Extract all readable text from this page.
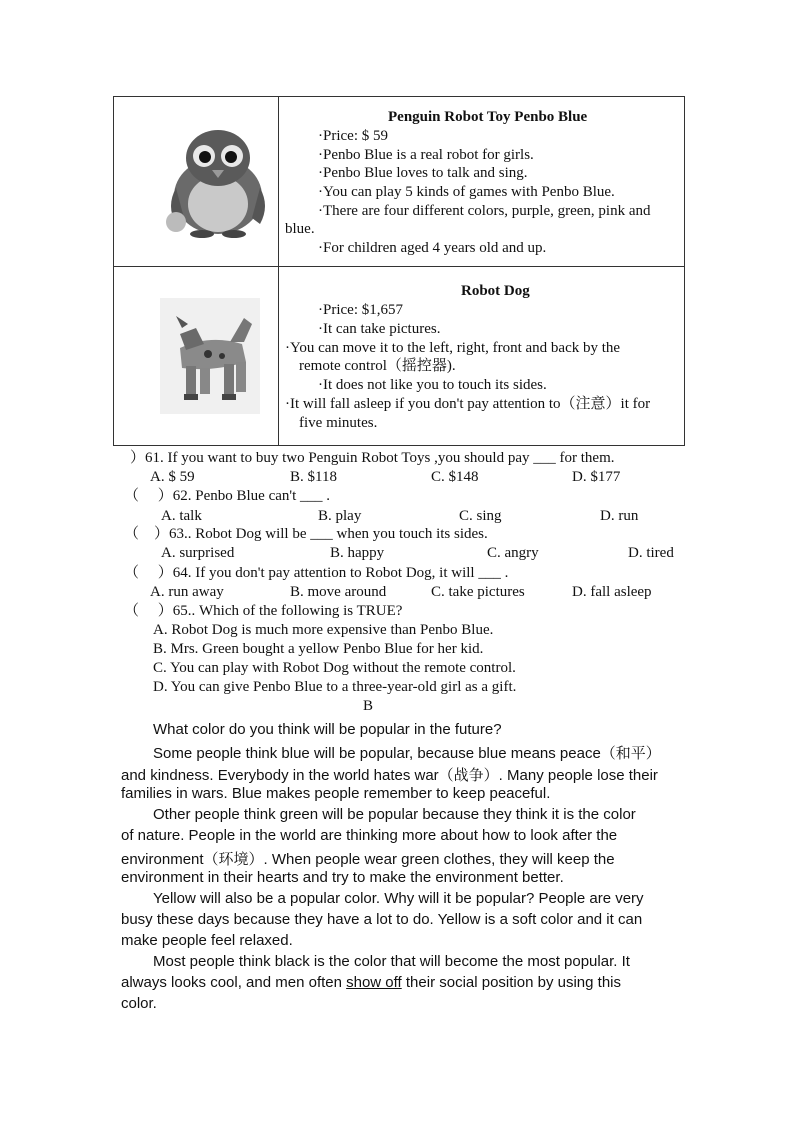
Penguin Robot Toy Penbo Blue
·Price: $ 59
·Penbo Blue is a real robot for girls.
·Penbo Blue loves to talk and sing.
·You can play 5 kinds of games with Penbo Blue.
·There are four different colors, purple, green, pink and
blue.
·For children aged 4 years old and up.
Robot Dog
·Price: $1,657
·It can take pictures.
·You can move it to the left, right, front and back by the
remote control（摇控器).
·It does not like you to touch its sides.
·It will fall asleep if you don't pay attention to（注意）it for
five minutes.
）61. If you want to buy two Penguin Robot Toys ,you should pay ___ for them.
A. $ 59	B. $118	C. $148	D. $177
（　 ）62. Penbo Blue can't ___ .
A. talk	B. play	C. sing	D. run
（　）63.. Robot Dog will be ___ when you touch its sides.
A. surprised	B. happy	C. angry	D. tired
（　 ）64. If you don't pay attention to Robot Dog, it will ___ .
A. run away	B. move around	C. take pictures	D. fall asleep
（　 ）65.. Which of the following is TRUE?
A. Robot Dog is much more expensive than Penbo Blue.
B. Mrs. Green bought a yellow Penbo Blue for her kid.
C. You can play with Robot Dog without the remote control.
D. You can give Penbo Blue to a three-year-old girl as a gift.
B
What color do you think will be popular in the future?
Some people think blue will be popular, because blue means peace（和平）
and kindness. Everybody in the world hates war（战争）. Many people lose their
families in wars. Blue makes people remember to keep peaceful.
Other people think green will be popular because they think it is the color
of nature. People in the world are thinking more about how to look after the
environment（环境）. When people wear green clothes, they will keep the
environment in their hearts and try to make the environment better.
Yellow will also be a popular color. Why will it be popular? People are very
busy these days because they have a lot to do. Yellow is a soft color and it can
make people feel relaxed.
Most people think black is the color that will become the most popular. It
always looks cool, and men often show off their social position by using this
color.
